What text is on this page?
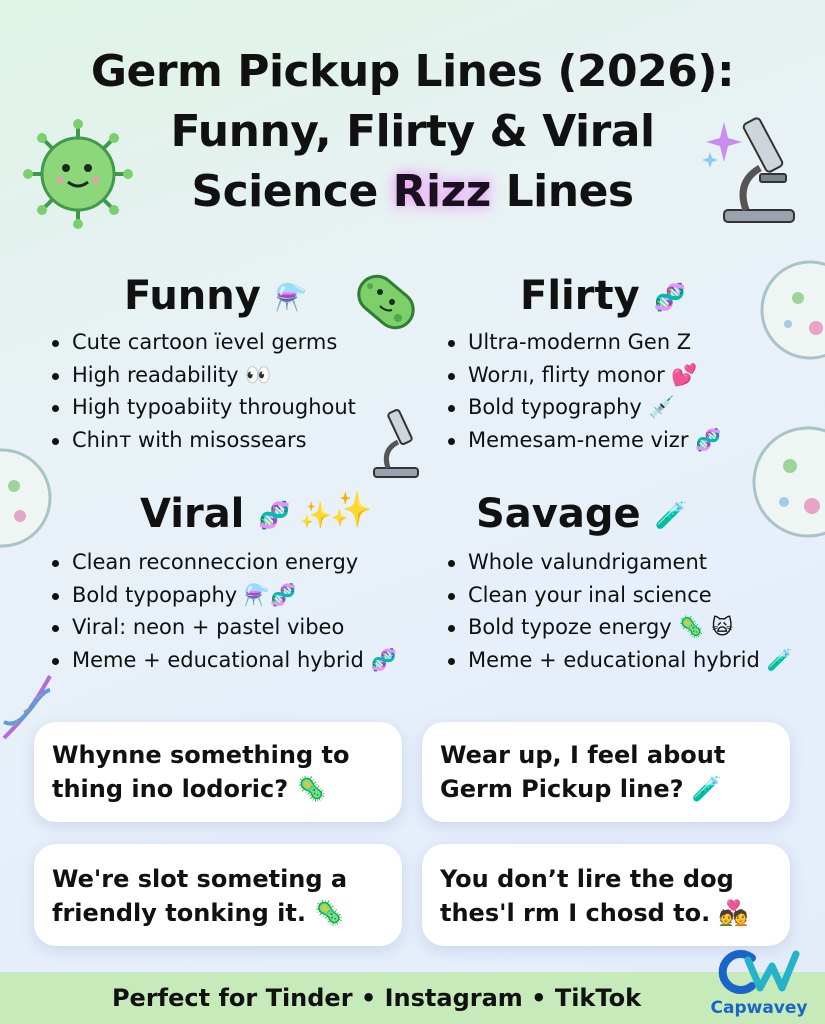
Germ Pickup Lines (2026):
Funny, Flirty & Viral
Science Rizz Lines
✨
Funny ⚗️
Cute cartoon ïevel germs
High readability 👀
High typoabiity throughout
Chinт with misossears
Flirty 🧬
Ultra-modernn Gen Z
Worлı, flirty monor 💕
Bold typography 💉
Memesam-neme vizr 🧬
Viral 🧬 ✨
Clean reconneccion energy
Bold typopaphy ⚗️🧬
Viral: neon + pastel vibeo
Meme + educational hybrid 🧬
Savage 🧪
Whole valundrigament
Clean your inal science
Bold typoze energy 🦠 🙀
Meme + educational hybrid 🧪
Whynne something to
thing ino lodoric? 🦠
Wear up, I feel about
Germ Pickup line? 🧪
We're slot someting a
friendly tonking it. 🦠
You don’t lire the dog
thes'l rm I chosd to. 💑
Perfect for Tinder • Instagram • TikTok	Capwavey
